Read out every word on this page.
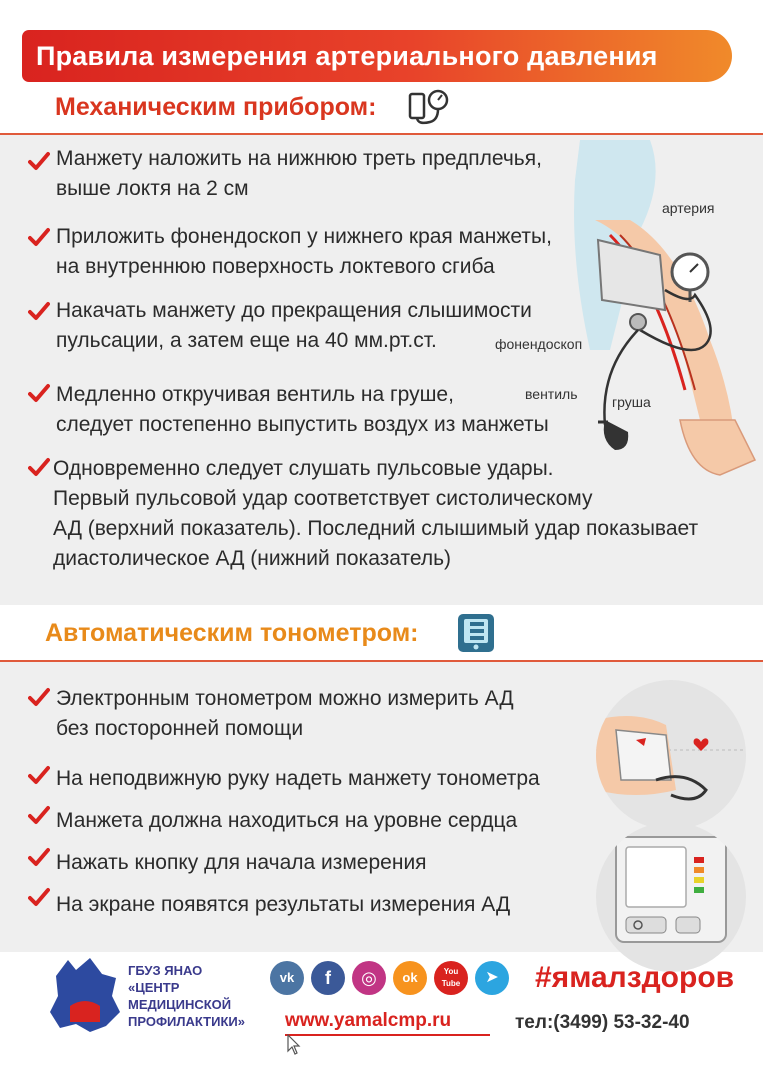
Правила измерения артериального давления
Механическим прибором:
Манжету наложить на нижнюю треть предплечья,
выше локтя на 2 см
Приложить фонендоскоп у нижнего края манжеты,
на внутреннюю поверхность локтевого сгиба
Накачать манжету до прекращения слышимости
пульсации, а затем еще на 40 мм.рт.ст.
Медленно откручивая вентиль на груше,
следует постепенно выпустить воздух из манжеты
Одновременно следует слушать пульсовые удары.
Первый пульсовой удар соответствует систолическому
АД (верхний показатель). Последний слышимый удар показывает
диастолическое АД (нижний показатель)
артерия
фонендоскоп
вентиль груша
Автоматическим тонометром:
Электронным тонометром можно измерить АД
без посторонней помощи
На неподвижную руку надеть манжету тонометра
Манжета должна находиться на уровне сердца
Нажать кнопку для начала измерения
На экране появятся результаты измерения АД
ГБУЗ ЯНАО
«ЦЕНТР
МЕДИЦИНСКОЙ
ПРОФИЛАКТИКИ»
vk	f	◎	ok	You Tube	➤	#ямалздоров
www.yamalcmp.ru	тел:(3499) 53-32-40
